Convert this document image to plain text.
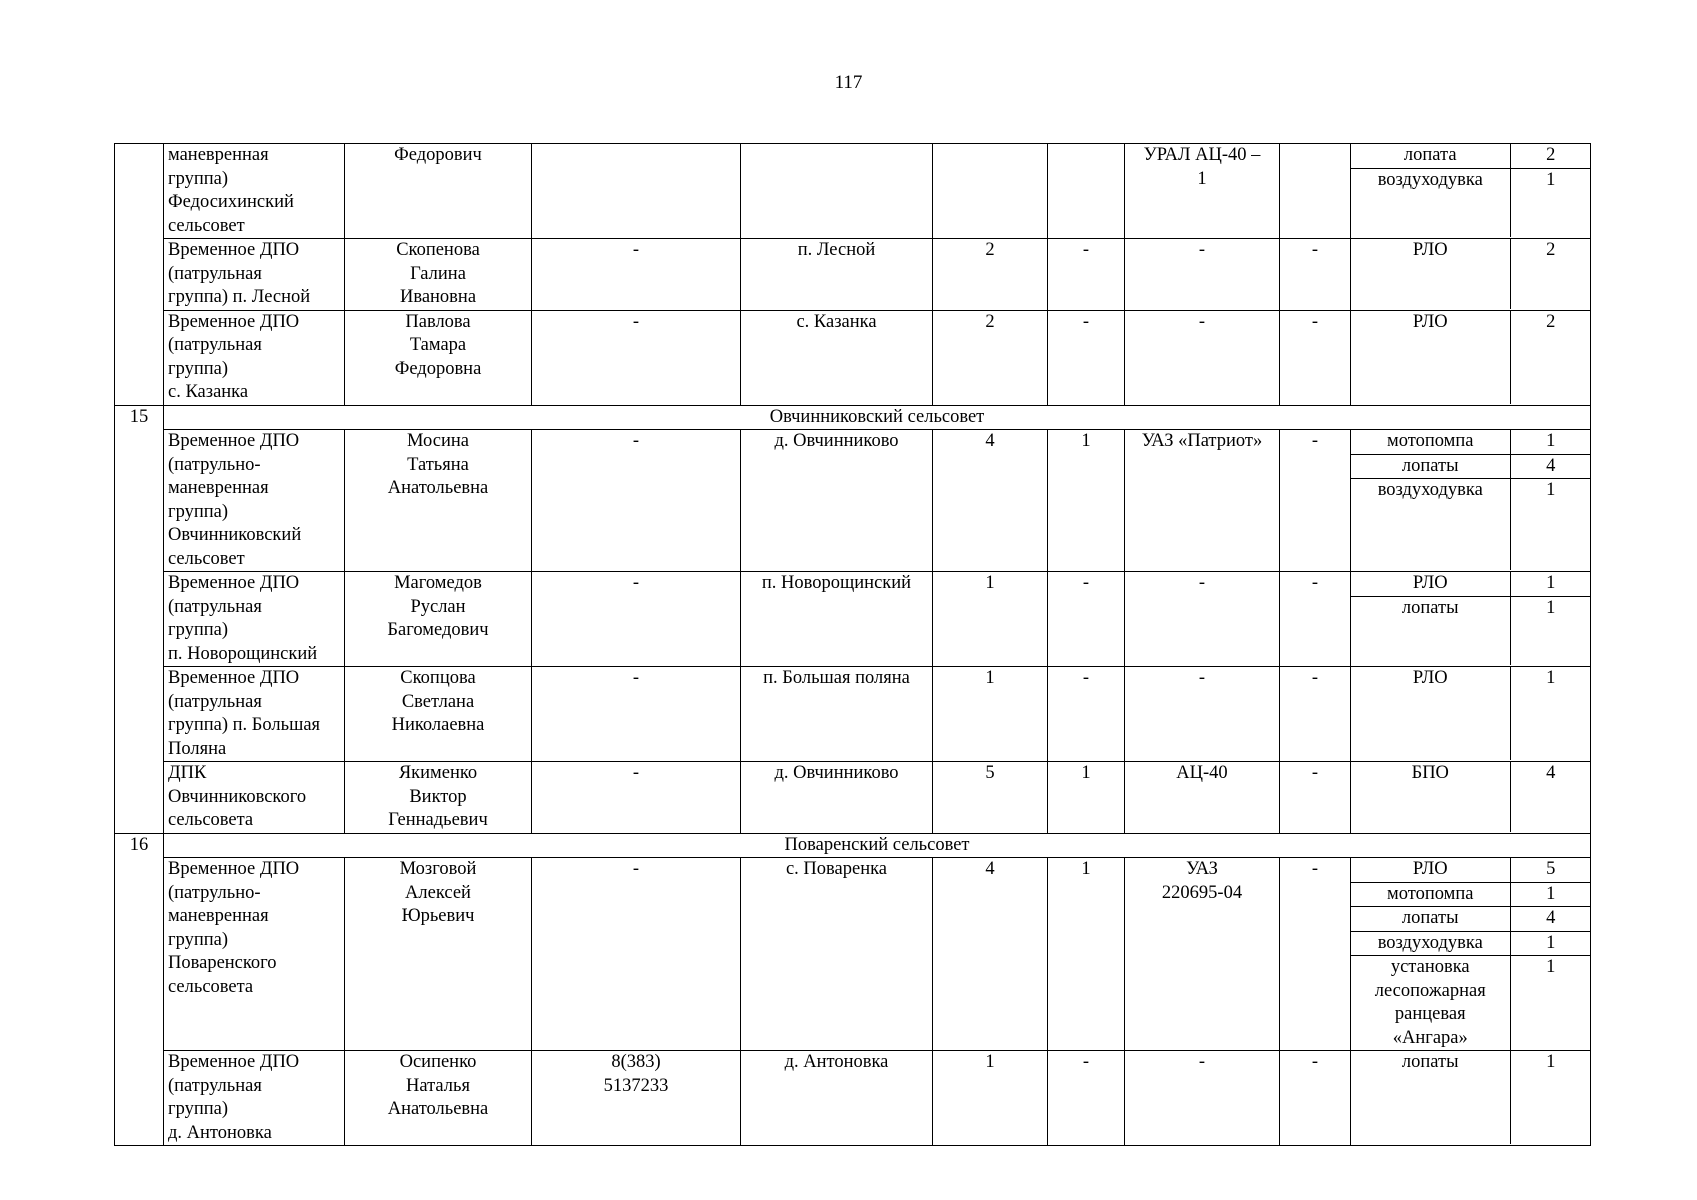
117
	маневренная
группа)
Федосихинский
сельсовет	Федорович					УРАЛ АЦ-40 –
1		
лопата	2
воздуходувка	1

Временное ДПО
(патрульная
группа) п. Лесной	Скопенова
Галина
Ивановна	-	п. Лесной	2	-	-	-		РЛО	2

Временное ДПО
(патрульная
группа)
с. Казанка	Павлова
Тамара
Федоровна	-	с. Казанка	2	-	-	-		РЛО	2

15	Овчинниковский сельсовет
Временное ДПО
(патрульно-
маневренная
группа)
Овчинниковский
сельсовет	Мосина
Татьяна
Анатольевна	-	д. Овчинниково	4	1	УАЗ «Патриот»	-		мотопомпа	1
лопаты	4
воздуходувка	1

Временное ДПО
(патрульная
группа)
п. Новорощинский	Магомедов
Руслан
Багомедович	-	п. Новорощинский	1	-	-	-		РЛО	1
лопаты	1

Временное ДПО
(патрульная
группа) п. Большая
Поляна	Скопцова
Светлана
Николаевна	-	п. Большая поляна	1	-	-	-		РЛО	1

ДПК
Овчинниковского
сельсовета	Якименко
Виктор
Геннадьевич	-	д. Овчинниково	5	1	АЦ-40	-		БПО	4

16	Поваренский сельсовет
Временное ДПО
(патрульно-
маневренная
группа)
Поваренского
сельсовета	Мозговой
Алексей
Юрьевич	-	с. Поваренка	4	1	УАЗ
220695-04	-		РЛО	5
мотопомпа	1
лопаты	4
воздуходувка	1
установка
лесопожарная
ранцевая
«Ангара»	1

Временное ДПО
(патрульная
группа)
д. Антоновка	Осипенко
Наталья
Анатольевна	8(383)
5137233	д. Антоновка	1	-	-	-		лопаты	1
